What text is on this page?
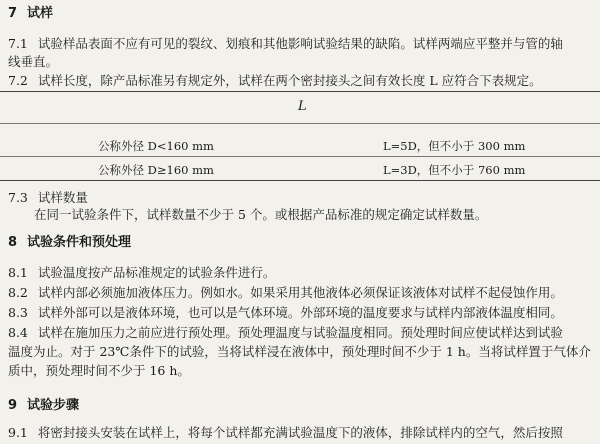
7 试样
7.1 试验样品表面不应有可见的裂纹、划痕和其他影响试验结果的缺陷。试样两端应平整并与管的轴
线垂直。
7.2 试样长度，除产品标准另有规定外，试样在两个密封接头之间有效长度 L 应符合下表规定。
L
公称外径 D<160 mm	L=5D，但不小于 300 mm
公称外径 D≥160 mm	L=3D，但不小于 760 mm
7.3 试样数量
在同一试验条件下，试样数量不少于 5 个。或根据产品标准的规定确定试样数量。
8 试验条件和预处理
8.1 试验温度按产品标准规定的试验条件进行。
8.2 试样内部必须施加液体压力。例如水。如果采用其他液体必须保证该液体对试样不起侵蚀作用。
8.3 试样外部可以是液体环境，也可以是气体环境。外部环境的温度要求与试样内部液体温度相同。
8.4 试样在施加压力之前应进行预处理。预处理温度与试验温度相同。预处理时间应使试样达到试验
温度为止。对于 23℃条件下的试验，当将试样浸在液体中，预处理时间不少于 1 h。当将试样置于气体介
质中，预处理时间不少于 16 h。
9 试验步骤
9.1 将密封接头安装在试样上，将每个试样都充满试验温度下的液体，排除试样内的空气，然后按照
